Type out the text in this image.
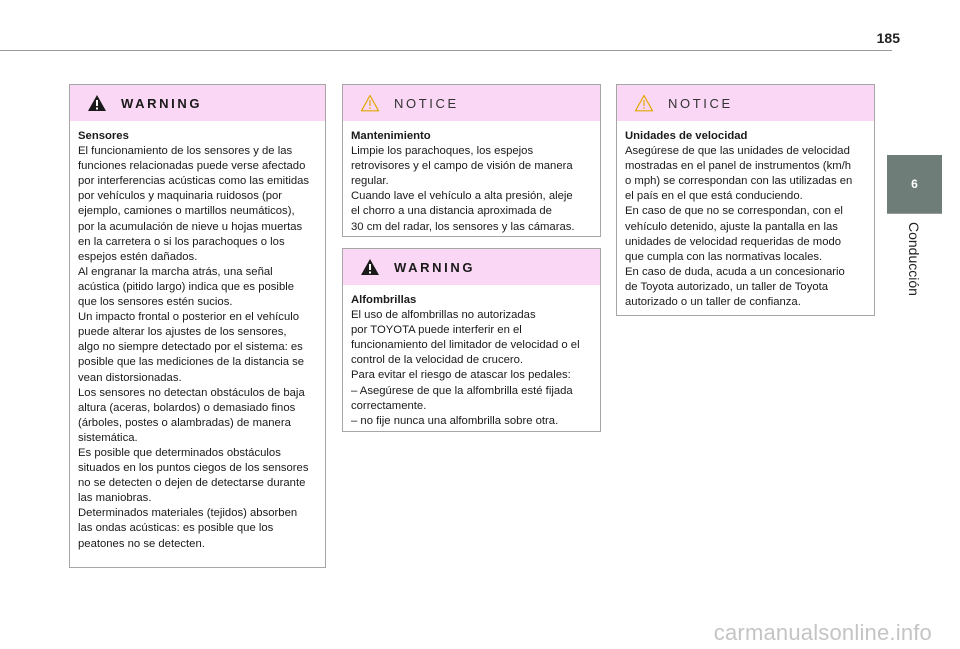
185
6
Conducción
WARNING

Sensores

El funcionamiento de los sensores y de las

funciones relacionadas puede verse afectado

por interferencias acústicas como las emitidas

por vehículos y maquinaria ruidosos (por

ejemplo, camiones o martillos neumáticos),

por la acumulación de nieve u hojas muertas

en la carretera o si los parachoques o los

espejos estén dañados.

Al engranar la marcha atrás, una señal

acústica (pitido largo) indica que es posible

que los sensores estén sucios.

Un impacto frontal o posterior en el vehículo

puede alterar los ajustes de los sensores,

algo no siempre detectado por el sistema: es

posible que las mediciones de la distancia se

vean distorsionadas.

Los sensores no detectan obstáculos de baja

altura (aceras, bolardos) o demasiado finos

(árboles, postes o alambradas) de manera

sistemática.

Es posible que determinados obstáculos

situados en los puntos ciegos de los sensores

no se detecten o dejen de detectarse durante

las maniobras.

Determinados materiales (tejidos) absorben

las ondas acústicas: es posible que los

peatones no se detecten.

NOTICE

Mantenimiento

Limpie los parachoques, los espejos

retrovisores y el campo de visión de manera

regular.

Cuando lave el vehículo a alta presión, aleje

el chorro a una distancia aproximada de

30 cm del radar, los sensores y las cámaras.

WARNING

Alfombrillas

El uso de alfombrillas no autorizadas

por TOYOTA puede interferir en el

funcionamiento del limitador de velocidad o el

control de la velocidad de crucero.

Para evitar el riesgo de atascar los pedales:

– Asegúrese de que la alfombrilla esté fijada

correctamente.

– no fije nunca una alfombrilla sobre otra.

NOTICE

Unidades de velocidad

Asegúrese de que las unidades de velocidad

mostradas en el panel de instrumentos (km/h

o mph) se correspondan con las utilizadas en

el país en el que está conduciendo.

En caso de que no se correspondan, con el

vehículo detenido, ajuste la pantalla en las

unidades de velocidad requeridas de modo

que cumpla con las normativas locales.

En caso de duda, acuda a un concesionario

de Toyota autorizado, un taller de Toyota

autorizado o un taller de confianza.

carmanualsonline.info
